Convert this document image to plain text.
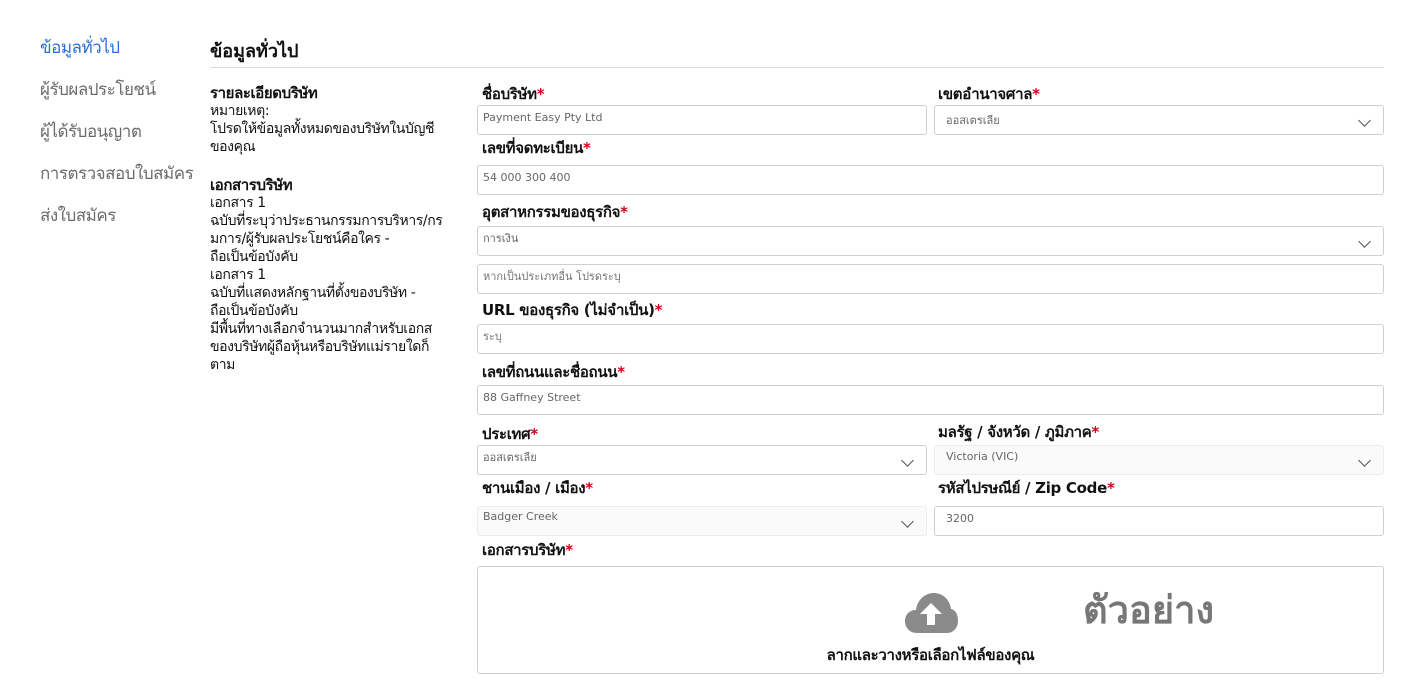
ข้อมูลทั่วไป
ผู้รับผลประโยชน์
ผู้ได้รับอนุญาต
การตรวจสอบใบสมัคร
ส่งใบสมัคร
ข้อมูลทั่วไป
รายละเอียดบริษัท
หมายเหตุ:
โปรดให้ข้อมูลทั้งหมดของบริษัทในบัญชี
ของคุณ
เอกสารบริษัท
เอกสาร 1
ฉบับที่ระบุว่าประธานกรรมการบริหาร/กร
มการ/ผู้รับผลประโยชน์คือใคร -
ถือเป็นข้อบังคับ
เอกสาร 1
ฉบับที่แสดงหลักฐานที่ตั้งของบริษัท -
ถือเป็นข้อบังคับ
มีพื้นที่ทางเลือกจำนวนมากสำหรับเอกส
ของบริษัทผู้ถือหุ้นหรือบริษัทแม่รายใดก็
ตาม
ชื่อบริษัท*
Payment Easy Pty Ltd	เขตอำนาจศาล*
ออสเตรเลีย
เลขที่จดทะเบียน*
54 000 300 400
อุตสาหกรรมของธุรกิจ*
การเงิน
หากเป็นประเภทอื่น โปรดระบุ
URL ของธุรกิจ (ไม่จำเป็น)*
ระบุ
เลขที่ถนนและชื่อถนน*
88 Gaffney Street
ประเทศ*
ออสเตรเลีย
มลรัฐ / จังหวัด / ภูมิภาค*
Victoria (VIC)
ชานเมือง / เมือง*
Badger Creek
รหัสไปรษณีย์ / Zip Code*
3200
เอกสารบริษัท*
ตัวอย่าง
ลากและวางหรือเลือกไฟล์ของคุณ
